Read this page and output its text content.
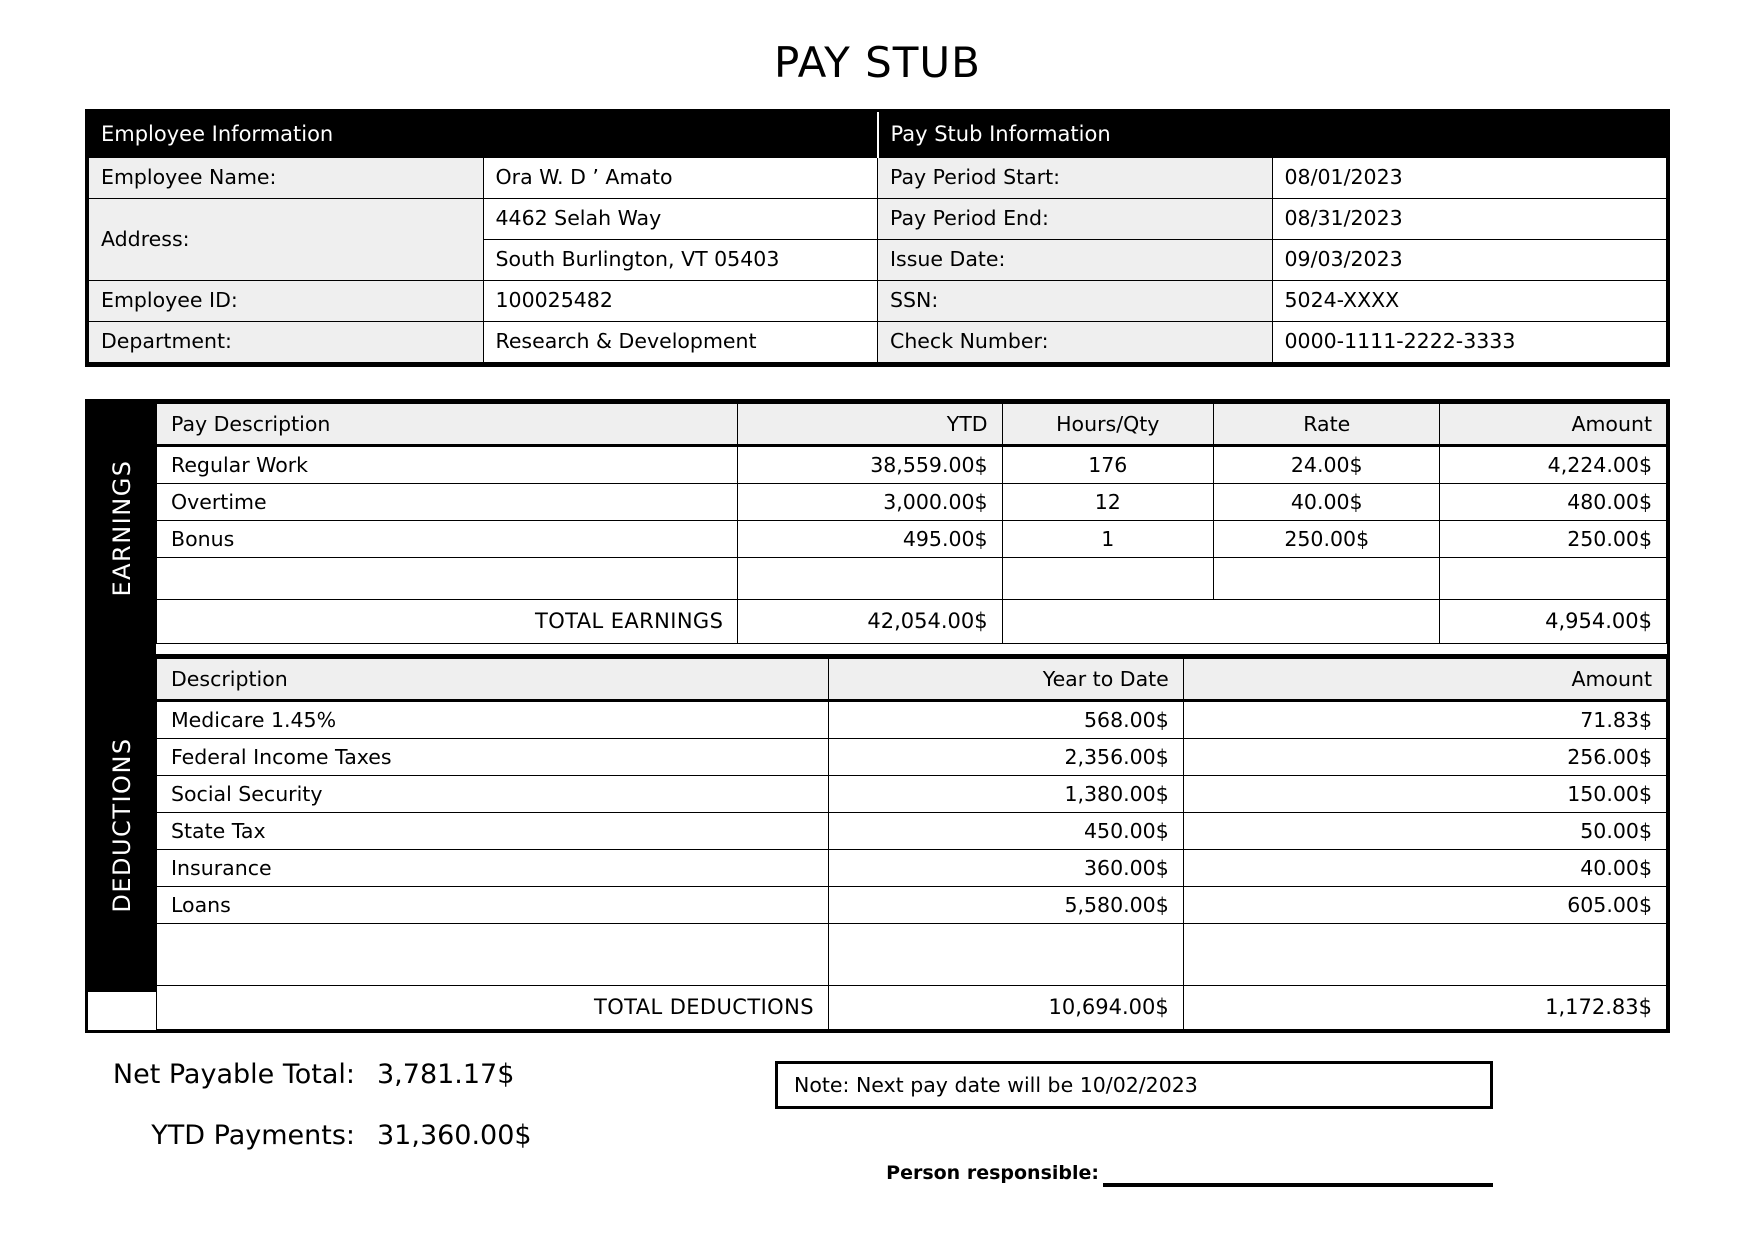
PAY STUB
Employee Information		Pay Stub Information	
Employee Name:	Ora W. D ’ Amato	Pay Period Start:	08/01/2023
Address:	4462 Selah Way	Pay Period End:	08/31/2023
	South Burlington, VT 05403	Issue Date:	09/03/2023
Employee ID:	100025482	SSN:	5024-XXXX
Department:	Research & Development	Check Number:	0000-1111-2222-3333
EARNINGS
Pay Description	YTD	Hours/Qty	Rate	Amount
Regular Work	38,559.00$	176	24.00$	4,224.00$
Overtime	3,000.00$	12	40.00$	480.00$
Bonus	495.00$	1	250.00$	250.00$

TOTAL EARNINGS	42,054.00$			4,954.00$
DEDUCTIONS
Description	Year to Date	Amount
Medicare 1.45%	568.00$	71.83$
Federal Income Taxes	2,356.00$	256.00$
Social Security	1,380.00$	150.00$
State Tax	450.00$	50.00$
Insurance	360.00$	40.00$
Loans	5,580.00$	605.00$

TOTAL DEDUCTIONS	10,694.00$	1,172.83$
Net Payable Total: 3,781.17$
YTD Payments: 31,360.00$
Note: Next pay date will be 10/02/2023
Person responsible:
